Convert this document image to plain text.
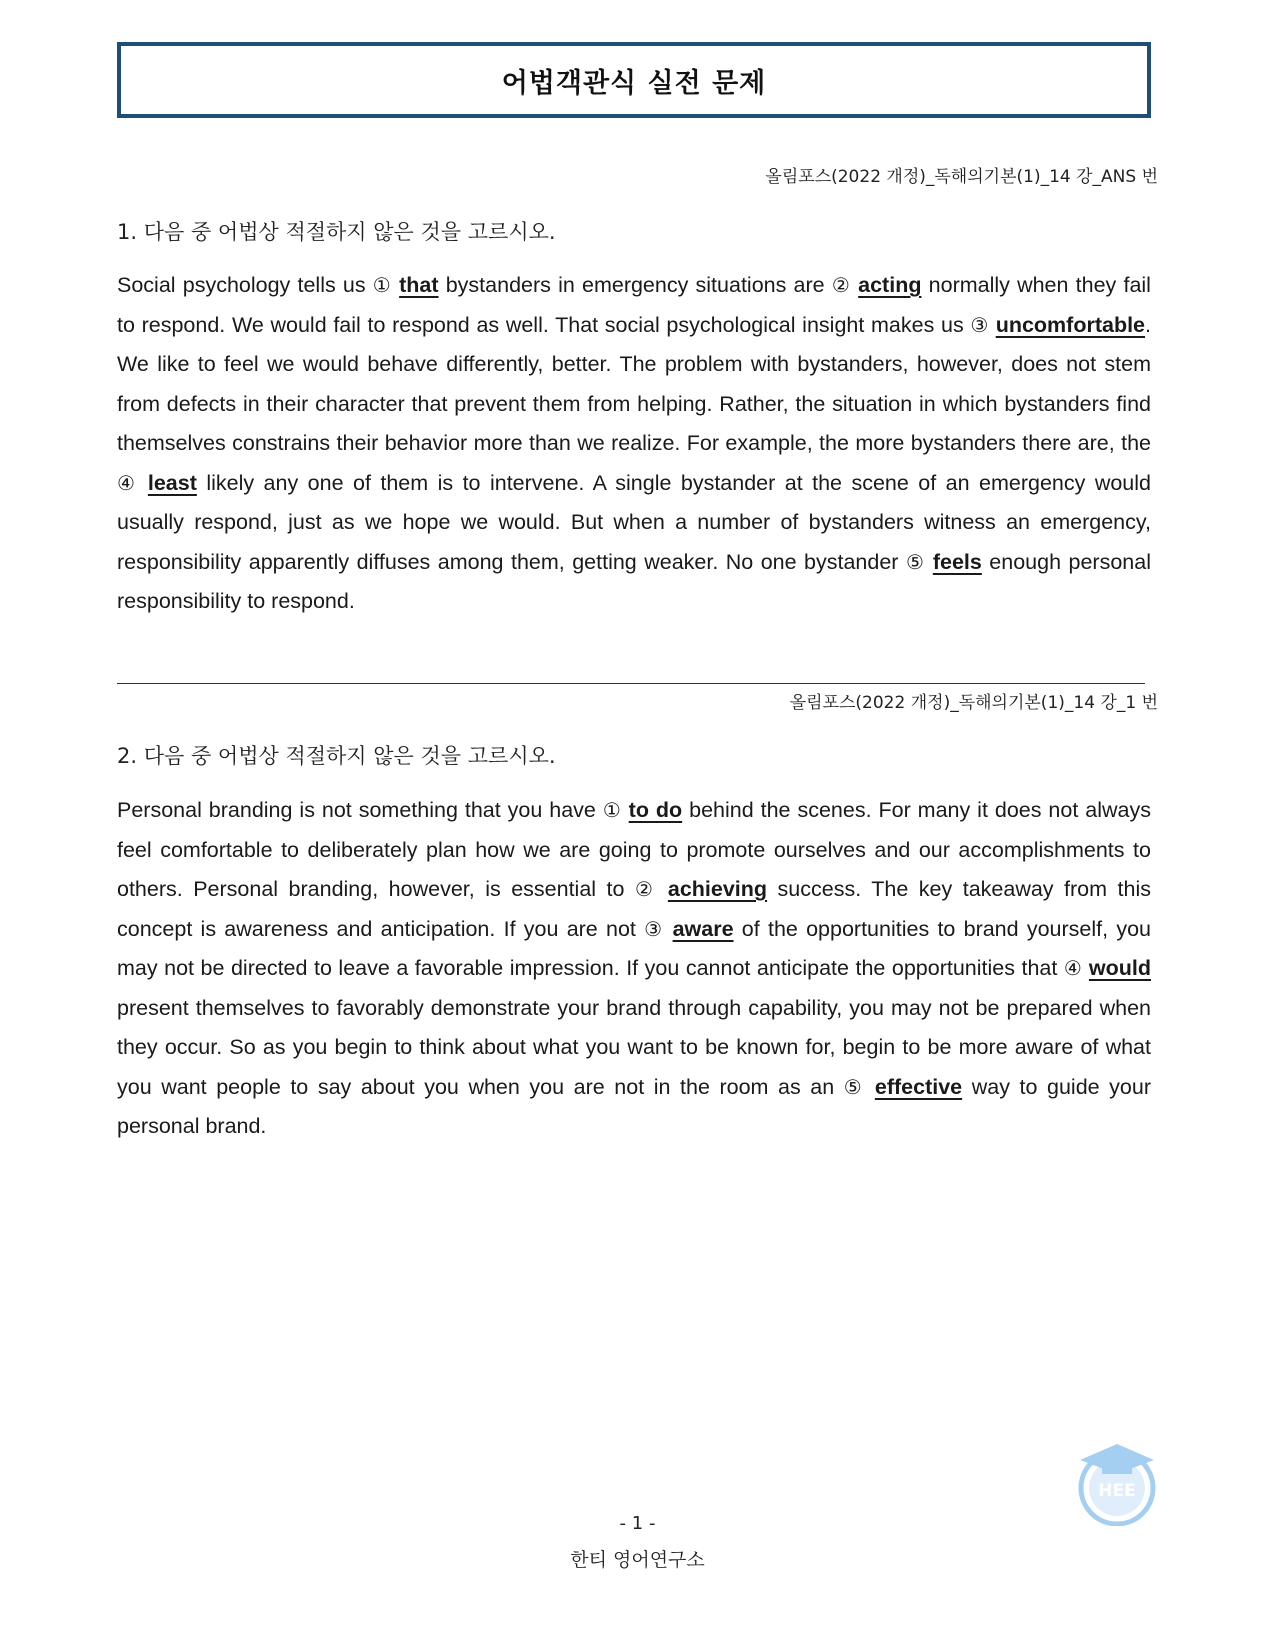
어법객관식 실전 문제
올림포스(2022 개정)_독해의기본(1)_14 강_ANS 번
1. 다음 중 어법상 적절하지 않은 것을 고르시오.
Social psychology tells us ① that bystanders in emergency situations are ② acting normally when they fail to respond. We would fail to respond as well. That social psychological insight makes us ③ uncomfortable. We like to feel we would behave differently, better. The problem with bystanders, however, does not stem from defects in their character that prevent them from helping. Rather, the situation in which bystanders find themselves constrains their behavior more than we realize. For example, the more bystanders there are, the ④ least likely any one of them is to intervene. A single bystander at the scene of an emergency would usually respond, just as we hope we would. But when a number of bystanders witness an emergency, responsibility apparently diffuses among them, getting weaker. No one bystander ⑤ feels enough personal responsibility to respond.
올림포스(2022 개정)_독해의기본(1)_14 강_1 번
2. 다음 중 어법상 적절하지 않은 것을 고르시오.
Personal branding is not something that you have ① to do behind the scenes. For many it does not always feel comfortable to deliberately plan how we are going to promote ourselves and our accomplishments to others. Personal branding, however, is essential to ② achieving success. The key takeaway from this concept is awareness and anticipation. If you are not ③ aware of the opportunities to brand yourself, you may not be directed to leave a favorable impression. If you cannot anticipate the opportunities that ④ would present themselves to favorably demonstrate your brand through capability, you may not be prepared when they occur. So as you begin to think about what you want to be known for, begin to be more aware of what you want people to say about you when you are not in the room as an ⑤ effective way to guide your personal brand.
HEE
- 1 -
한티 영어연구소
